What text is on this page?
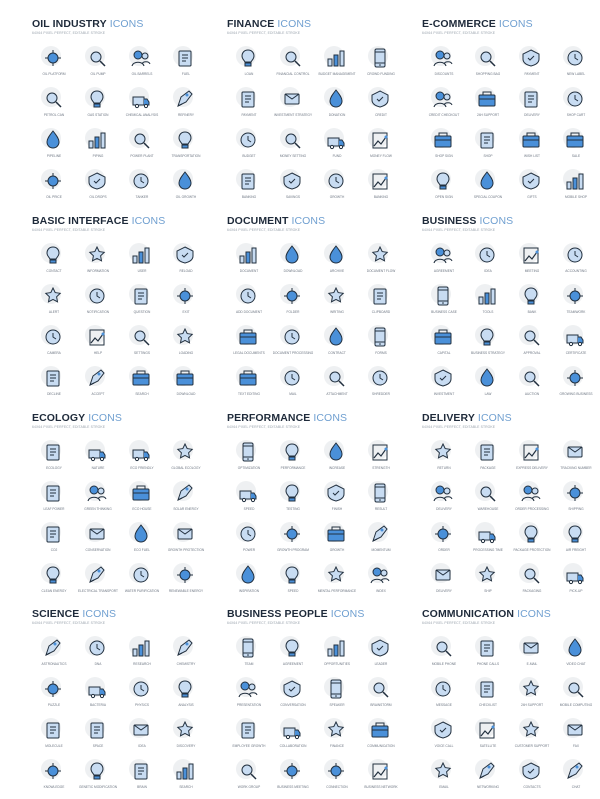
OIL INDUSTRY ICONS
64X64 PIXEL PERFECT, EDITABLE STROKE
OIL PLATFORM	OIL PUMP	OIL BARRELS	FUEL
PETROL CAN	GAS STATION	CHEMICAL ANALYSIS	REFINERY
PIPELINE	PIPING	POWER PLANT	TRANSPORTATION
OIL PRICE	OIL DROPS	TANKER	OIL GROWTH
FINANCE ICONS
64X64 PIXEL PERFECT, EDITABLE STROKE
LOAN	FINANCIAL CONTROL	BUDGET MANAGEMENT	CROWD FUNDING
PAYMENT	INVESTMENT STRATEGY	DONATION	CREDIT
BUDGET	MONEY SETTING	FUND	MONEY FLOW
BANKING	SAVINGS	GROWTH	BANKING
E-COMMERCE ICONS
64X64 PIXEL PERFECT, EDITABLE STROKE
DISCOUNTS	SHOPPING BAG	PAYMENT	NEW LABEL
CREDIT CHECKOUT	24H SUPPORT	DELIVERY	SHOP CART
SHOP SIGN	SHOP	WISH LIST	SALE
OPEN SIGN	SPECIAL COUPON	GIFTS	MOBILE SHOP
BASIC INTERFACE ICONS
64X64 PIXEL PERFECT, EDITABLE STROKE
CONTACT	INFORMATION	USER	RELOAD
ALERT	NOTIFICATION	QUESTION	EXIT
CAMERA	HELP	SETTINGS	LOADING
DECLINE	ACCEPT	SEARCH	DOWNLOAD
DOCUMENT ICONS
64X64 PIXEL PERFECT, EDITABLE STROKE
DOCUMENT	DOWNLOAD	ARCHIVE	DOCUMENT FLOW
ADD DOCUMENT	FOLDER	WRITING	CLIPBOARD
LEGAL DOCUMENTS	DOCUMENT PROCESSING	CONTRACT	FORMS
TEXT EDITING	MAIL	ATTACHMENT	SHREDDER
BUSINESS ICONS
64X64 PIXEL PERFECT, EDITABLE STROKE
AGREEMENT	IDEA	MEETING	ACCOUNTING
BUSINESS CASE	TOOLS	BANK	TEAMWORK
CAPITAL	BUSINESS STRATEGY	APPROVAL	CERTIFICATE
INVESTMENT	LAW	AUCTION	GROWING BUSINESS
ECOLOGY ICONS
64X64 PIXEL PERFECT, EDITABLE STROKE
ECOLOGY	NATURE	ECO FRIENDLY	GLOBAL ECOLOGY
LEAF POWER	GREEN THINKING	ECO HOUSE	SOLAR ENERGY
CO2	CONSERVATION	ECO FUEL	GROWTH PROTECTION
CLEAN ENERGY	ELECTRICAL TRANSPORT	WATER PURIFICATION	RENEWABLE ENERGY
PERFORMANCE ICONS
64X64 PIXEL PERFECT, EDITABLE STROKE
OPTIMIZATION	PERFORMANCE	INCREASE	STRENGTH
SPEED	TESTING	FINISH	RESULT
POWER	GROWTH PROGRAM	GROWTH	MOMENTUM
INSPIRATION	SPEED	MENTAL PERFORMANCE	INDEX
DELIVERY ICONS
64X64 PIXEL PERFECT, EDITABLE STROKE
RETURN	PACKAGE	EXPRESS DELIVERY	TRACKING NUMBER
DELIVERY	WAREHOUSE	ORDER PROCESSING	SHIPPING
ORDER	PROCESSING TIME	PACKAGE PROTECTION	AIR FREIGHT
DELIVERY	SHIP	PACKAGING	PICK-UP
SCIENCE ICONS
64X64 PIXEL PERFECT, EDITABLE STROKE
ASTRONAUTICS	DNA	RESEARCH	CHEMISTRY
PUZZLE	BACTERIA	PHYSICS	ANALYSIS
MOLECULE	SPACE	IDEA	DISCOVERY
KNOWLEDGE	GENETIC MODIFICATION	BRAIN	SEARCH
BUSINESS PEOPLE ICONS
64X64 PIXEL PERFECT, EDITABLE STROKE
TEAM	AGREEMENT	OPPORTUNITIES	LEADER
PRESENTATION	CONVERSATION	SPEAKER	BRAINSTORM
EMPLOYEE GROWTH	COLLABORATION	FINANCE	COMMUNICATION
WORK GROUP	BUSINESS MEETING	CONNECTION	BUSINESS NETWORK
COMMUNICATION ICONS
64X64 PIXEL PERFECT, EDITABLE STROKE
MOBILE PHONE	PHONE CALLS	E-MAIL	VIDEO CHAT
MESSAGE	CHECKLIST	24H SUPPORT	MOBILE COMPUTING
VOICE CALL	SATELLITE	CUSTOMER SUPPORT	FAX
EMAIL	NETWORKING	CONTACTS	CHAT
